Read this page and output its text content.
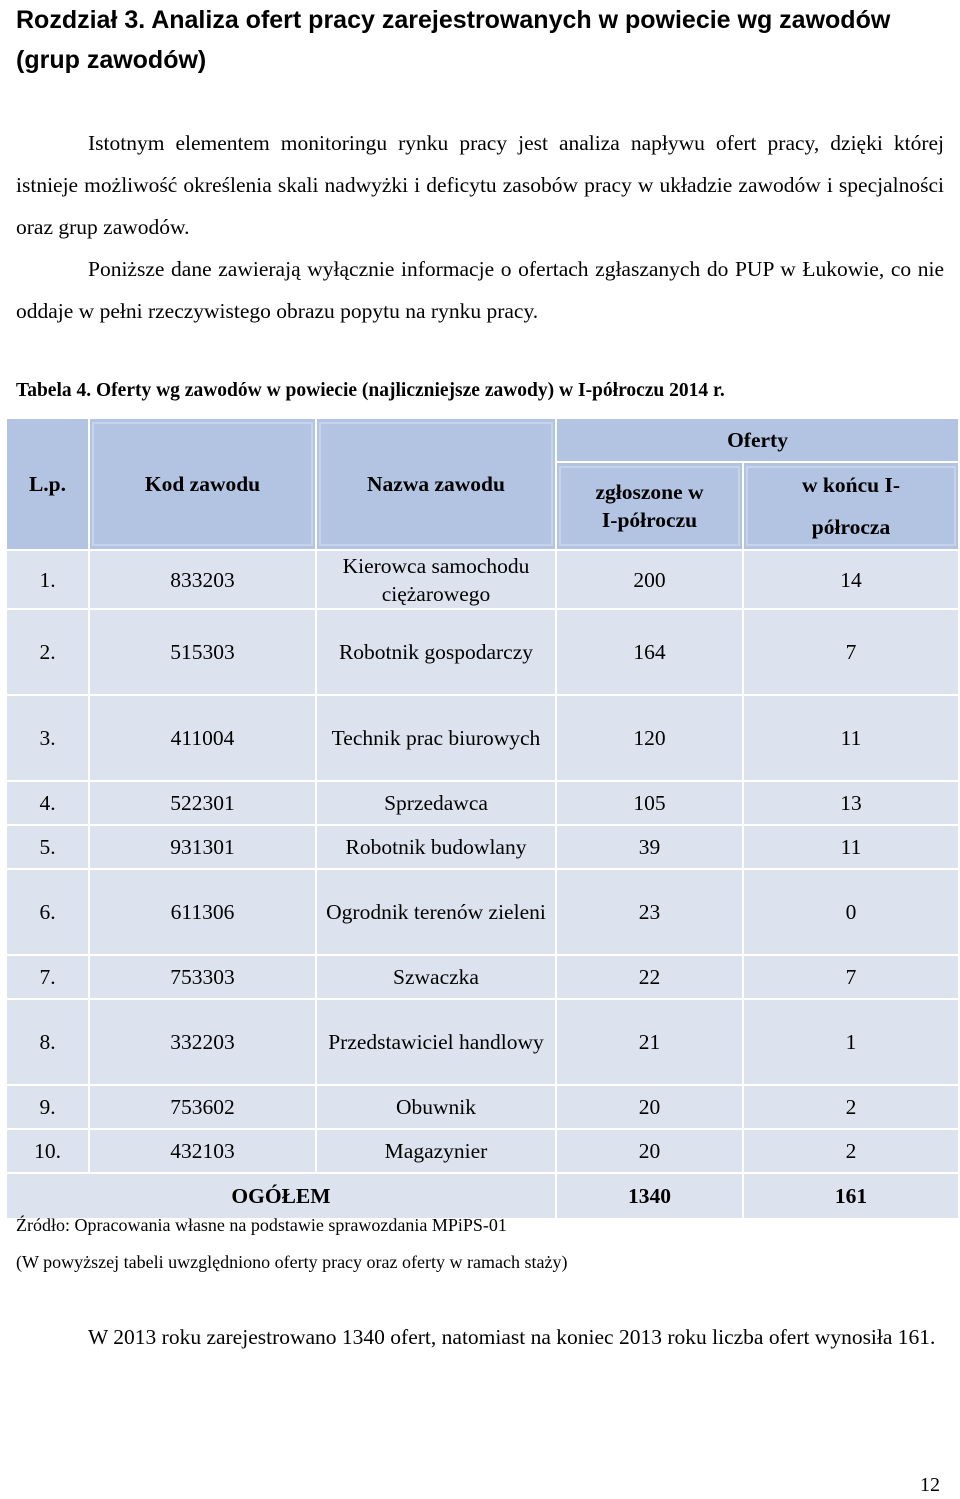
Rozdział 3. Analiza ofert pracy zarejestrowanych w powiecie wg zawodów (grup zawodów)
Istotnym elementem monitoringu rynku pracy jest analiza napływu ofert pracy, dzięki której istnieje możliwość określenia skali nadwyżki i deficytu zasobów pracy w układzie zawodów i specjalności oraz grup zawodów.
Poniższe dane zawierają wyłącznie informacje o ofertach zgłaszanych do PUP w Łukowie, co nie oddaje w pełni rzeczywistego obrazu popytu na rynku pracy.
Tabela 4. Oferty wg zawodów w powiecie (najliczniejsze zawody) w I-półroczu 2014 r.
L.p.	Kod zawodu	Nazwa zawodu	Oferty	

			zgłoszone w I-półroczu	w końcu I-półrocza

1.	833203	Kierowca samochodu ciężarowego	200	14
2.	515303	Robotnik gospodarczy	164	7
3.	411004	Technik prac biurowych	120	11
4.	522301	Sprzedawca	105	13
5.	931301	Robotnik budowlany	39	11
6.	611306	Ogrodnik terenów zieleni	23	0
7.	753303	Szwaczka	22	7
8.	332203	Przedstawiciel handlowy	21	1
9.	753602	Obuwnik	20	2
10.	432103	Magazynier	20	2
OGÓŁEM			1340	161
Źródło: Opracowania własne na podstawie sprawozdania MPiPS-01
(W powyższej tabeli uwzględniono oferty pracy oraz oferty w ramach staży)
W 2013 roku zarejestrowano 1340 ofert, natomiast na koniec 2013 roku liczba ofert wynosiła 161.
12
